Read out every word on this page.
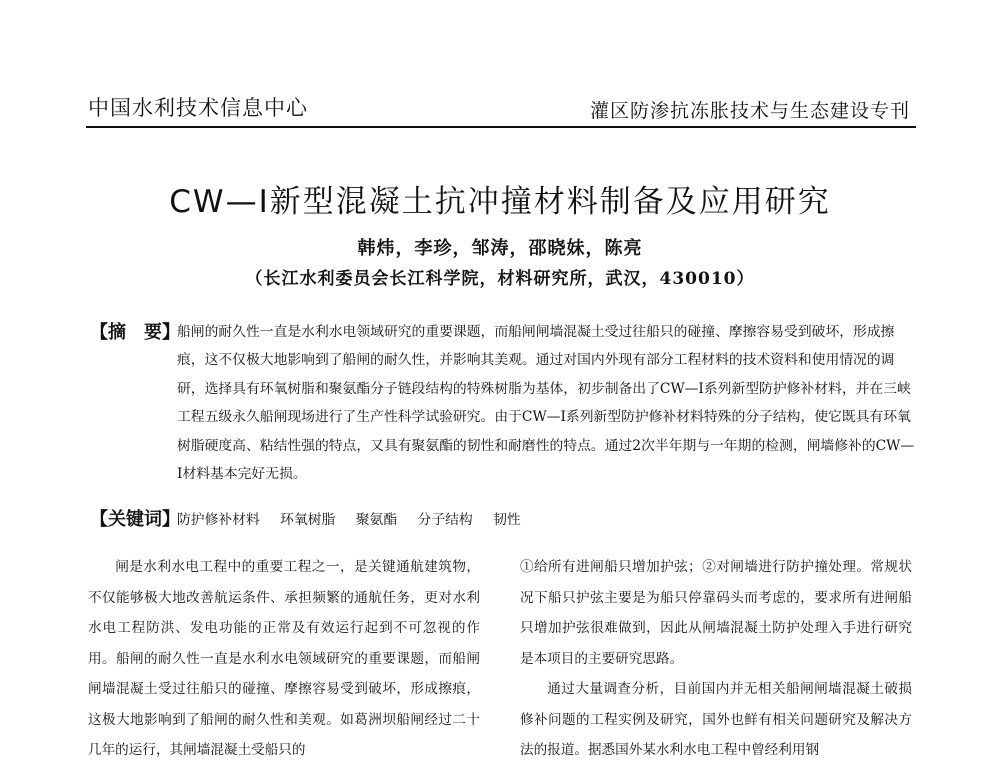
中国水利技术信息中心	灌区防渗抗冻胀技术与生态建设专刊
CW—I新型混凝土抗冲撞材料制备及应用研究
韩炜，李珍，邹涛，邵晓妹，陈亮
（长江水利委员会长江科学院，材料研究所，武汉，430010）
【摘　要】
船闸的耐久性一直是水利水电领域研究的重要课题，而船闸闸墙混凝土受过往船只的碰撞、摩擦容易受到破坏，形成擦痕，这不仅极大地影响到了船闸的耐久性，并影响其美观。通过对国内外现有部分工程材料的技术资料和使用情况的调研，选择具有环氧树脂和聚氨酯分子链段结构的特殊树脂为基体，初步制备出了CW—I系列新型防护修补材料，并在三峡工程五级永久船闸现场进行了生产性科学试验研究。由于CW—I系列新型防护修补材料特殊的分子结构，使它既具有环氧树脂硬度高、粘结性强的特点，又具有聚氨酯的韧性和耐磨性的特点。通过2次半年期与一年期的检测，闸墙修补的CW—I材料基本完好无损。
【关键词】
防护修补材料 环氧树脂 聚氨酯 分子结构 韧性

闸是水利水电工程中的重要工程之一，是关键通航建筑物，不仅能够极大地改善航运条件、承担频繁的通航任务，更对水利水电工程防洪、发电功能的正常及有效运行起到不可忽视的作用。船闸的耐久性一直是水利水电领域研究的重要课题，而船闸闸墙混凝土受过往船只的碰撞、摩擦容易受到破坏，形成擦痕，这极大地影响到了船闸的耐久性和美观。如葛洲坝船闸经过二十几年的运行，其闸墙混凝土受船只的

①给所有进闸船只增加护弦；②对闸墙进行防护撞处理。常规状况下船只护弦主要是为船只停靠码头而考虑的，要求所有进闸船只增加护弦很难做到，因此从闸墙混凝土防护处理入手进行研究是本项目的主要研究思路。

通过大量调查分析，目前国内并无相关船闸闸墙混凝土破损修补问题的工程实例及研究，国外也鲜有相关问题研究及解决方法的报道。据悉国外某水利水电工程中曾经利用钢
